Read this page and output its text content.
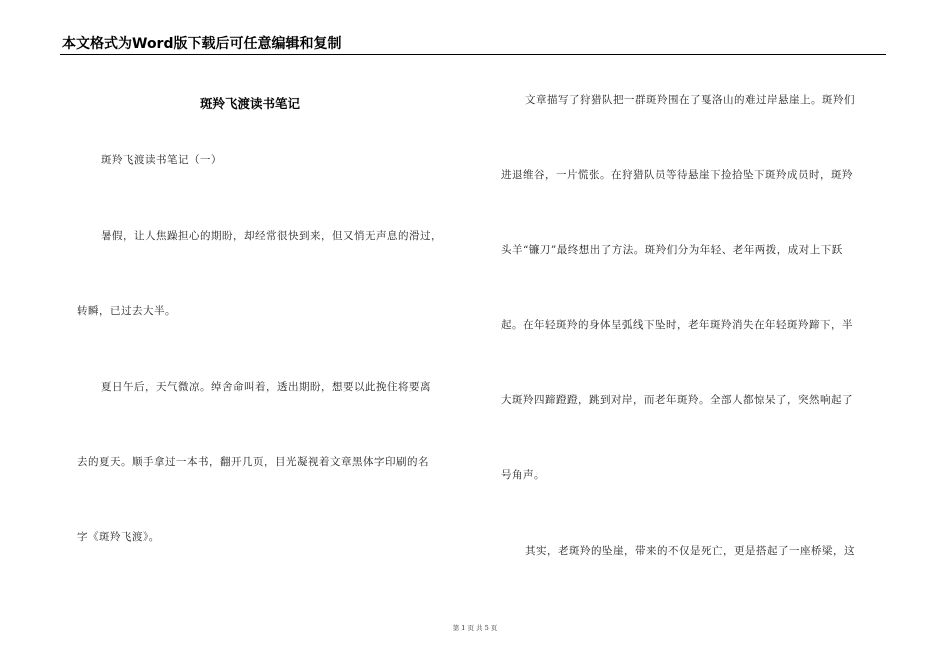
本文格式为Word版下载后可任意编辑和复制
斑羚飞渡读书笔记
斑羚飞渡读书笔记（一）
暑假，让人焦躁担心的期盼，却经常很快到来，但又悄无声息的滑过，
转瞬，已过去大半。
夏日午后，天气微凉。绰舍命叫着，透出期盼，想要以此挽住将要离
去的夏天。顺手拿过一本书，翻开几页，目光凝视着文章黑体字印刷的名
字《斑羚飞渡》。
文章描写了狩猎队把一群斑羚围在了戛洛山的难过岸悬崖上。斑羚们
进退维谷，一片慌张。在狩猎队员等待悬崖下捡拾坠下斑羚成员时，斑羚
头羊“镰刀”最终想出了方法。斑羚们分为年轻、老年两拨，成对上下跃
起。在年轻斑羚的身体呈弧线下坠时，老年斑羚消失在年轻斑羚蹄下，半
大斑羚四蹄蹬蹬，跳到对岸，而老年斑羚。全部人都惊呆了，突然响起了
号角声。
其实，老斑羚的坠崖，带来的不仅是死亡，更是搭起了一座桥梁，这
第 1 页 共 5 页
